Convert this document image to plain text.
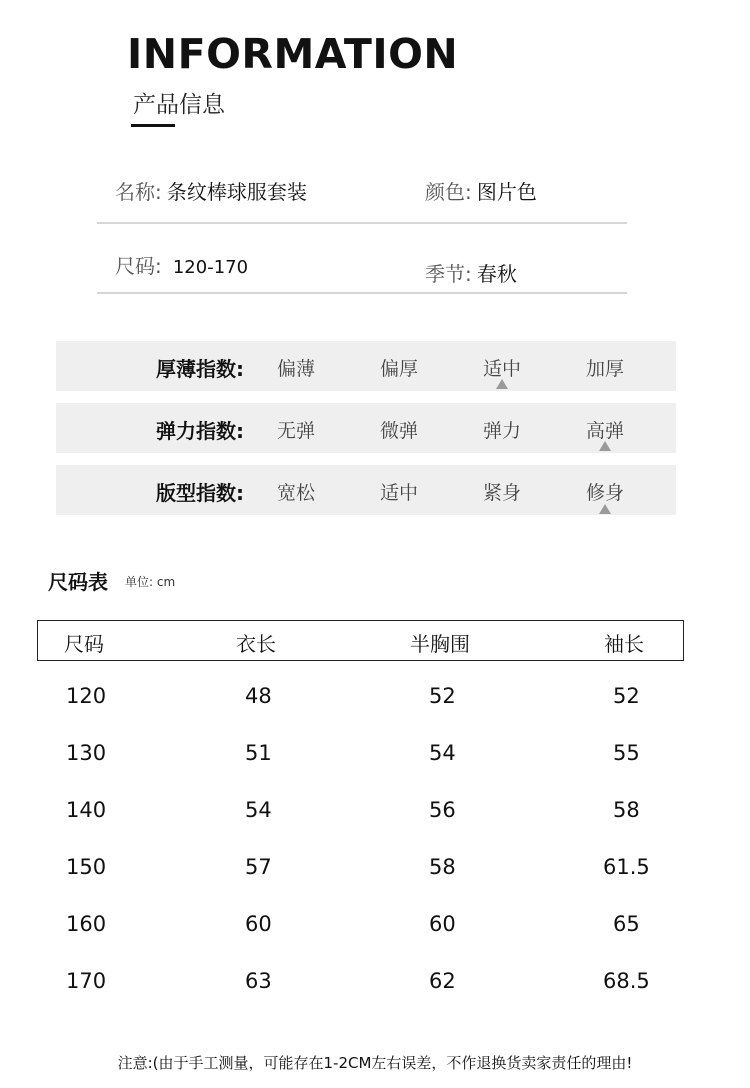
INFORMATION
产品信息
名称: 条纹棒球服套装	颜色: 图片色
尺码: 120-170	季节: 春秋
厚薄指数:	偏薄	偏厚	适中	加厚
弹力指数:	无弹	微弹	弹力	高弹
版型指数:	宽松	适中	紧身	修身
尺码表 单位: cm
尺码	衣长	半胸围	袖长
120	48	52	52
130	51	54	55
140	54	56	58
150	57	58	61.5
160	60	60	65
170	63	62	68.5
注意:(由于手工测量，可能存在1-2CM左右误差，不作退换货卖家责任的理由!
